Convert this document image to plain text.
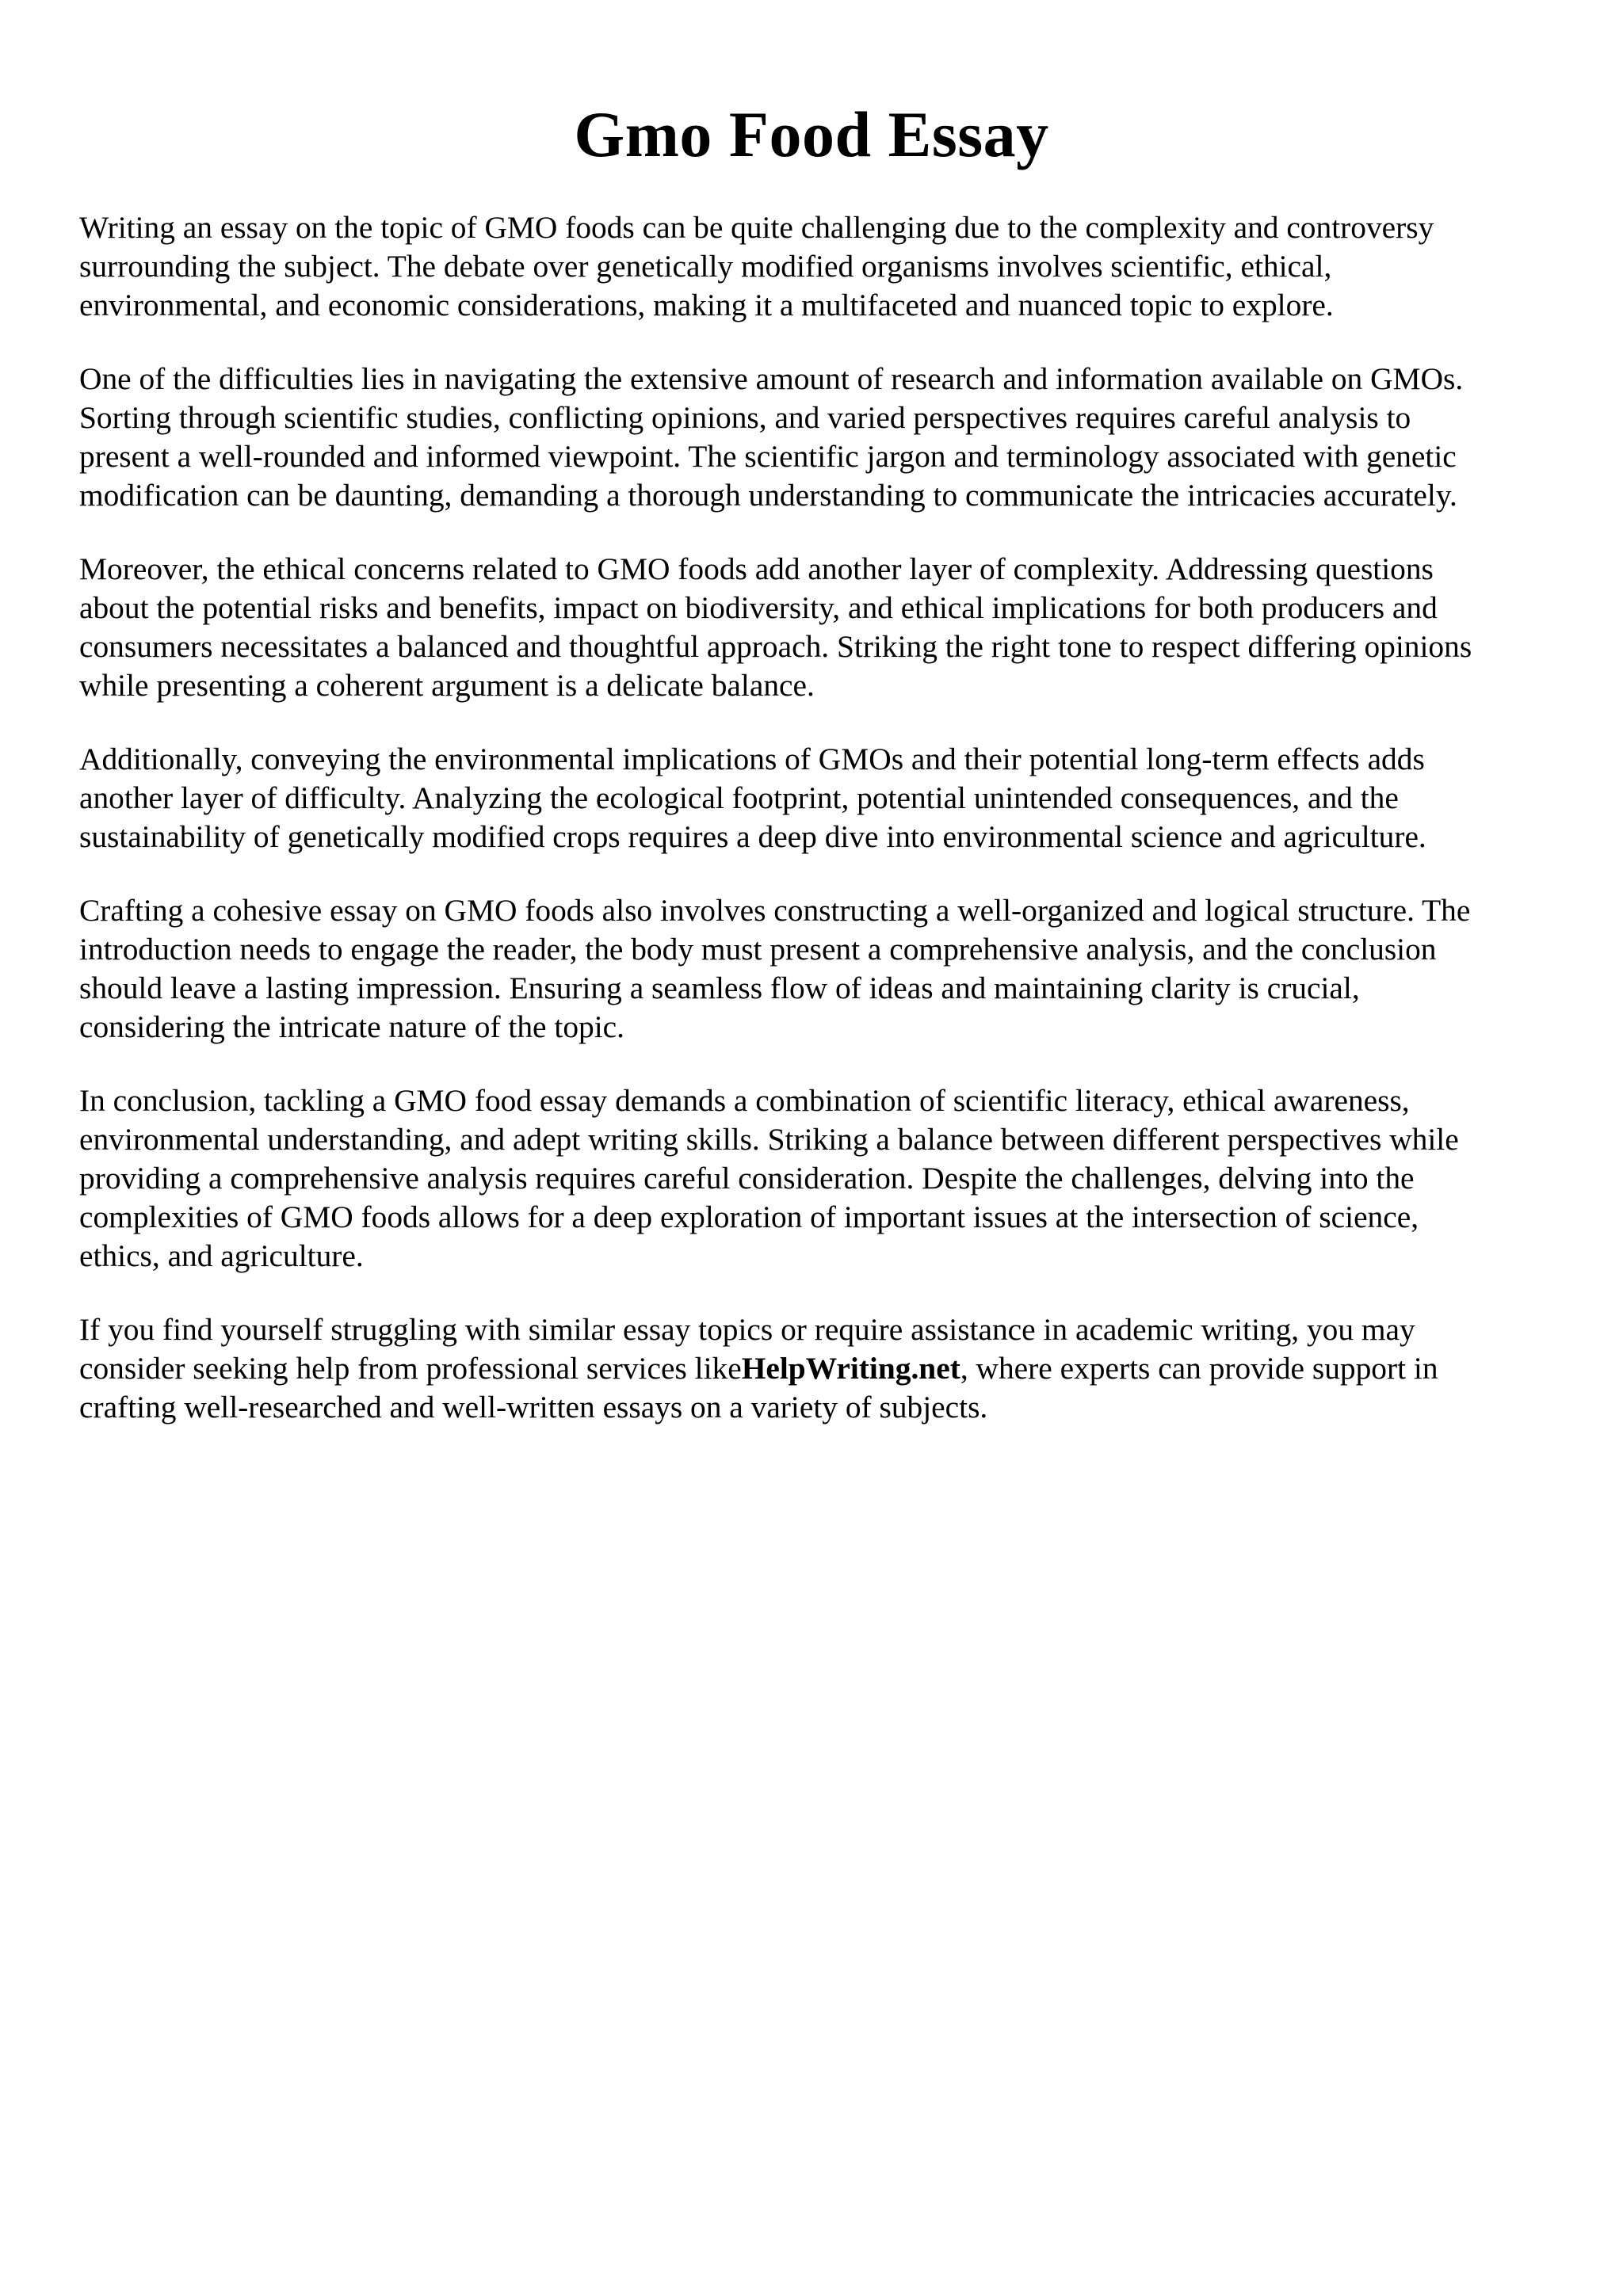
Gmo Food Essay

Writing an essay on the topic of GMO foods can be quite challenging due to the complexity and controversy
surrounding the subject. The debate over genetically modified organisms involves scientific, ethical,
environmental, and economic considerations, making it a multifaceted and nuanced topic to explore.

One of the difficulties lies in navigating the extensive amount of research and information available on GMOs.
Sorting through scientific studies, conflicting opinions, and varied perspectives requires careful analysis to
present a well-rounded and informed viewpoint. The scientific jargon and terminology associated with genetic
modification can be daunting, demanding a thorough understanding to communicate the intricacies accurately.

Moreover, the ethical concerns related to GMO foods add another layer of complexity. Addressing questions
about the potential risks and benefits, impact on biodiversity, and ethical implications for both producers and
consumers necessitates a balanced and thoughtful approach. Striking the right tone to respect differing opinions
while presenting a coherent argument is a delicate balance.

Additionally, conveying the environmental implications of GMOs and their potential long-term effects adds
another layer of difficulty. Analyzing the ecological footprint, potential unintended consequences, and the
sustainability of genetically modified crops requires a deep dive into environmental science and agriculture.

Crafting a cohesive essay on GMO foods also involves constructing a well-organized and logical structure. The
introduction needs to engage the reader, the body must present a comprehensive analysis, and the conclusion
should leave a lasting impression. Ensuring a seamless flow of ideas and maintaining clarity is crucial,
considering the intricate nature of the topic.

In conclusion, tackling a GMO food essay demands a combination of scientific literacy, ethical awareness,
environmental understanding, and adept writing skills. Striking a balance between different perspectives while
providing a comprehensive analysis requires careful consideration. Despite the challenges, delving into the
complexities of GMO foods allows for a deep exploration of important issues at the intersection of science,
ethics, and agriculture.

If you find yourself struggling with similar essay topics or require assistance in academic writing, you may
consider seeking help from professional services likeHelpWriting.net, where experts can provide support in
crafting well-researched and well-written essays on a variety of subjects.
